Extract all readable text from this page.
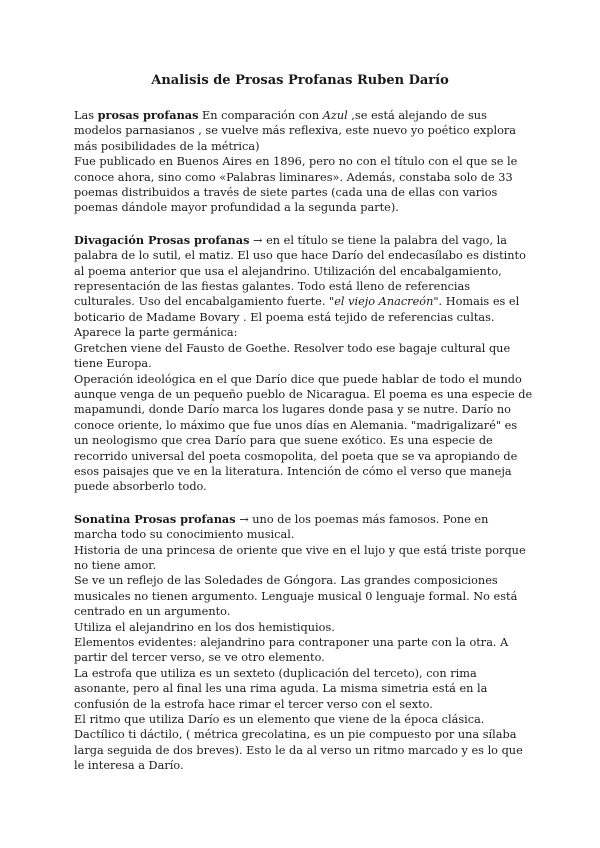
Analisis de Prosas Profanas Ruben Darío

Las prosas profanas En comparación con Azul ,se está alejando de sus modelos parnasianos , se vuelve más reflexiva, este nuevo yo poético explora más posibilidades de la métrica)

Fue publicado en Buenos Aires en 1896, pero no con el título con el que se le conoce ahora, sino como «Palabras liminares». Además, constaba solo de 33 poemas distribuidos a través de siete partes (cada una de ellas con varios poemas dándole mayor profundidad a la segunda parte).

Divagación Prosas profanas → en el título se tiene la palabra del vago, la palabra de lo sutil, el matiz. El uso que hace Darío del endecasílabo es distinto al poema anterior que usa el alejandrino. Utilización del encabalgamiento, representación de las fiestas galantes. Todo está lleno de referencias culturales. Uso del encabalgamiento fuerte. "el viejo Anacreón". Homais es el boticario de Madame Bovary . El poema está tejido de referencias cultas.

Aparece la parte germánica:

Gretchen viene del Fausto de Goethe. Resolver todo ese bagaje cultural que tiene Europa.

Operación ideológica en el que Darío dice que puede hablar de todo el mundo aunque venga de un pequeño pueblo de Nicaragua. El poema es una especie de mapamundi, donde Darío marca los lugares donde pasa y se nutre. Darío no conoce oriente, lo máximo que fue unos días en Alemania. "madrigalizaré" es un neologismo que crea Darío para que suene exótico. Es una especie de recorrido universal del poeta cosmopolita, del poeta que se va apropiando de esos paisajes que ve en la literatura. Intención de cómo el verso que maneja puede absorberlo todo.

Sonatina Prosas profanas → uno de los poemas más famosos. Pone en marcha todo su conocimiento musical.

Historia de una princesa de oriente que vive en el lujo y que está triste porque no tiene amor.

Se ve un reflejo de las Soledades de Góngora. Las grandes composiciones musicales no tienen argumento. Lenguaje musical 0 lenguaje formal. No está centrado en un argumento.

Utiliza el alejandrino en los dos hemistiquios.

Elementos evidentes: alejandrino para contraponer una parte con la otra. A partir del tercer verso, se ve otro elemento.

La estrofa que utiliza es un sexteto (duplicación del terceto), con rima asonante, pero al final les una rima aguda. La misma simetria está en la confusión de la estrofa hace rimar el tercer verso con el sexto.

El ritmo que utiliza Darío es un elemento que viene de la época clásica. Dactílico ti dáctilo, ( métrica grecolatina, es un pie compuesto por una sílaba larga seguida de dos breves). Esto le da al verso un ritmo marcado y es lo que le interesa a Darío.
